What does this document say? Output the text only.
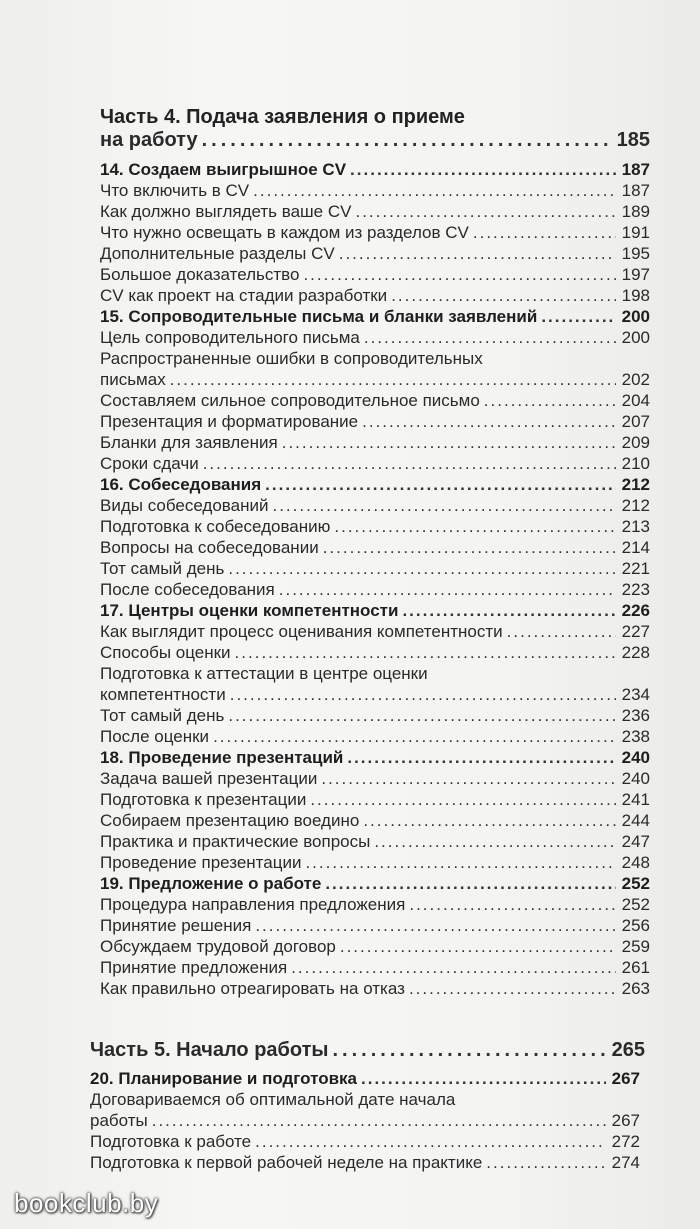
Часть 4. Подача заявления о приеме
на работу .....	185
14. Создаем выигрышное CV .....	187
Что включить в CV .....	187
Как должно выглядеть ваше CV .....	189
Что нужно освещать в каждом из разделов CV .....	191
Дополнительные разделы CV .....	195
Большое доказательство .....	197
CV как проект на стадии разработки .....	198
15. Сопроводительные письма и бланки заявлений .....	200
Цель сопроводительного письма .....	200
Распространенные ошибки в сопроводительных
письмах .....	202
Составляем сильное сопроводительное письмо .....	204
Презентация и форматирование .....	207
Бланки для заявления .....	209
Сроки сдачи .....	210
16. Собеседования .....	212
Виды собеседований .....	212
Подготовка к собеседованию .....	213
Вопросы на собеседовании .....	214
Тот самый день .....	221
После собеседования .....	223
17. Центры оценки компетентности .....	226
Как выглядит процесс оценивания компетентности .....	227
Способы оценки .....	228
Подготовка к аттестации в центре оценки
компетентности .....	234
Тот самый день .....	236
После оценки .....	238
18. Проведение презентаций .....	240
Задача вашей презентации .....	240
Подготовка к презентации .....	241
Собираем презентацию воедино .....	244
Практика и практические вопросы .....	247
Проведение презентации .....	248
19. Предложение о работе .....	252
Процедура направления предложения .....	252
Принятие решения .....	256
Обсуждаем трудовой договор .....	259
Принятие предложения .....	261
Как правильно отреагировать на отказ .....	263
Часть 5. Начало работы .....	265
20. Планирование и подготовка .....	267
Договариваемся об оптимальной дате начала
работы .....	267
Подготовка к работе .....	272
Подготовка к первой рабочей неделе на практике .....	274
bookclub.by
